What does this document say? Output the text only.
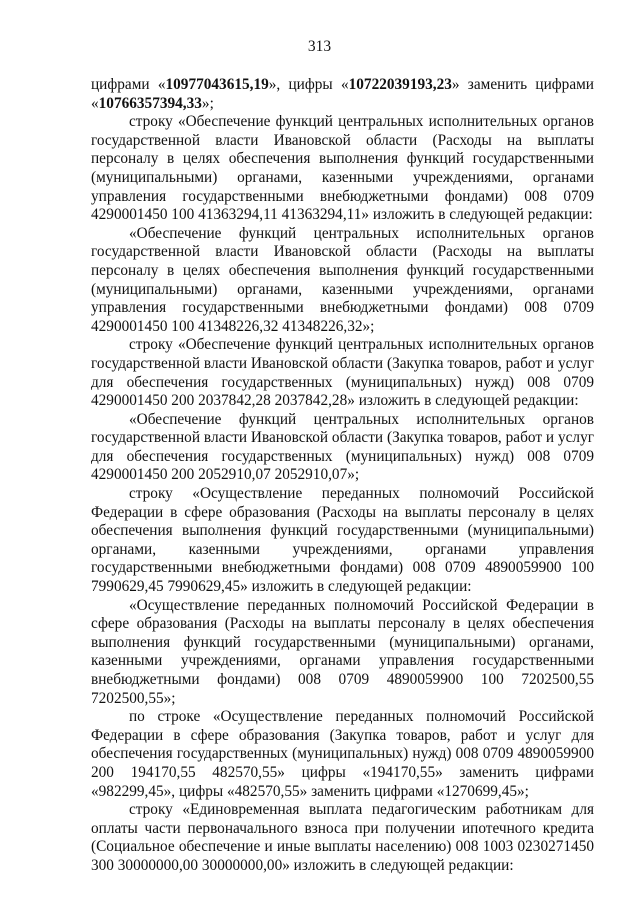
313

цифрами «10977043615,19», цифры «10722039193,23» заменить цифрами «10766357394,33»;

строку «Обеспечение функций центральных исполнительных органов государственной власти Ивановской области (Расходы на выплаты персоналу в целях обеспечения выполнения функций государственными (муниципальными) органами, казенными учреждениями, органами управления государственными внебюджетными фондами) 008 0709 4290001450 100 41363294,11 41363294,11» изложить в следующей редакции:

«Обеспечение функций центральных исполнительных органов государственной власти Ивановской области (Расходы на выплаты персоналу в целях обеспечения выполнения функций государственными (муниципальными) органами, казенными учреждениями, органами управления государственными внебюджетными фондами) 008 0709 4290001450 100 41348226,32 41348226,32»;

строку «Обеспечение функций центральных исполнительных органов государственной власти Ивановской области (Закупка товаров, работ и услуг для обеспечения государственных (муниципальных) нужд) 008 0709 4290001450 200 2037842,28 2037842,28» изложить в следующей редакции:

«Обеспечение функций центральных исполнительных органов государственной власти Ивановской области (Закупка товаров, работ и услуг для обеспечения государственных (муниципальных) нужд) 008 0709 4290001450 200 2052910,07 2052910,07»;

строку «Осуществление переданных полномочий Российской Федерации в сфере образования (Расходы на выплаты персоналу в целях обеспечения выполнения функций государственными (муниципальными) органами, казенными учреждениями, органами управления государственными внебюджетными фондами) 008 0709 4890059900 100 7990629,45 7990629,45» изложить в следующей редакции:

«Осуществление переданных полномочий Российской Федерации в сфере образования (Расходы на выплаты персоналу в целях обеспечения выполнения функций государственными (муниципальными) органами, казенными учреждениями, органами управления государственными внебюджетными фондами) 008 0709 4890059900 100 7202500,55 7202500,55»;

по строке «Осуществление переданных полномочий Российской Федерации в сфере образования (Закупка товаров, работ и услуг для обеспечения государственных (муниципальных) нужд) 008 0709 4890059900 200 194170,55 482570,55» цифры «194170,55» заменить цифрами «982299,45», цифры «482570,55» заменить цифрами «1270699,45»;

строку «Единовременная выплата педагогическим работникам для оплаты части первоначального взноса при получении ипотечного кредита (Социальное обеспечение и иные выплаты населению) 008 1003 0230271450 300 30000000,00 30000000,00» изложить в следующей редакции:
